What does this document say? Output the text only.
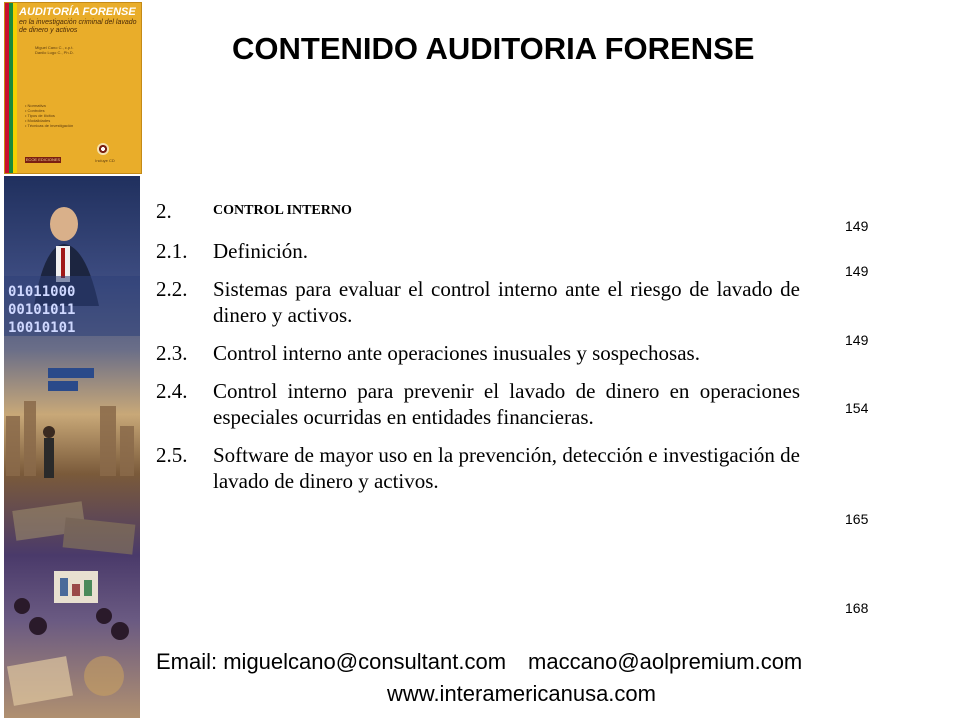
AUDITORÍA FORENSE
en la investigación criminal del lavado de dinero y activos
Miguel Cano C., c.p.t.
Danilo Lugo C., Ph.D.
• Normativa
• Controles
• Tipos de ilícitos
• Modalidades
• Técnicas de investigación
ECOE EDICIONES	Incluye CD
01011000
00101011
10010101
CONTENIDO AUDITORIA FORENSE
2.	CONTROL INTERNO
2.1. Definición.
2.2. Sistemas para evaluar el control interno ante el riesgo de lavado de dinero y activos.
2.3. Control interno ante operaciones inusuales y sospechosas.
2.4. Control interno para prevenir el lavado de dinero en operaciones especiales ocurridas en entidades financieras.
2.5. Software de mayor uso en la prevención, detección e investigación de lavado de dinero y activos.
149
149
149
154
165
168
Email: miguelcano@consultant.com maccano@aolpremium.com
www.interamericanusa.com
